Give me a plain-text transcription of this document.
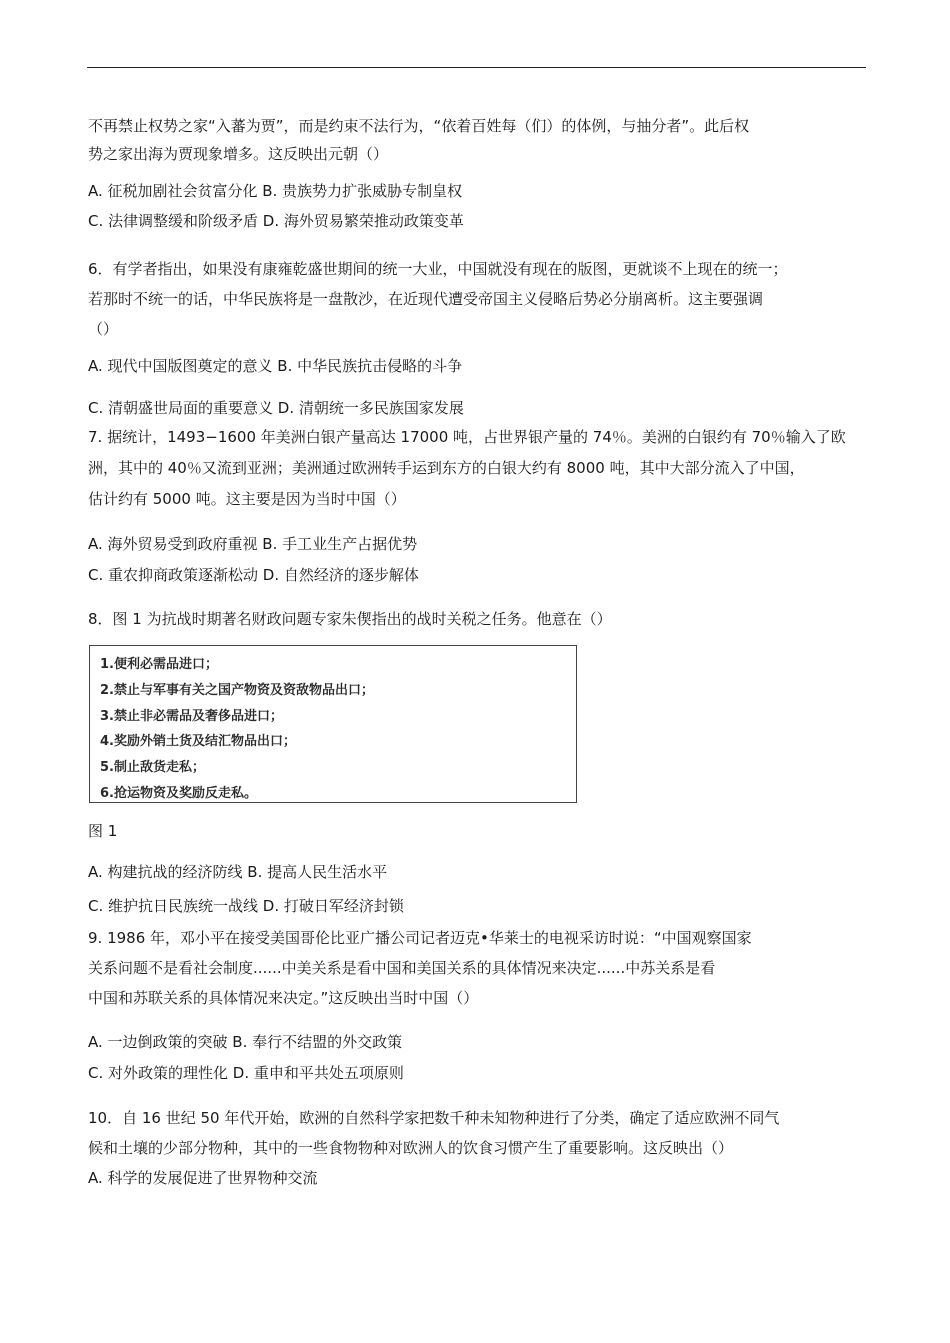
不再禁止权势之家“入蕃为贾”，而是约束不法行为，“依着百姓每（们）的体例，与抽分者”。此后权
势之家出海为贾现象增多。这反映出元朝（）
A. 征税加剧社会贫富分化 B. 贵族势力扩张威胁专制皇权
C. 法律调整缓和阶级矛盾 D. 海外贸易繁荣推动政策变革
6．有学者指出，如果没有康雍乾盛世期间的统一大业，中国就没有现在的版图，更就谈不上现在的统一；
若那时不统一的话，中华民族将是一盘散沙，在近现代遭受帝国主义侵略后势必分崩离析。这主要强调
（）
A. 现代中国版图奠定的意义 B. 中华民族抗击侵略的斗争
C. 清朝盛世局面的重要意义 D. 清朝统一多民族国家发展
7. 据统计，1493−1600 年美洲白银产量高达 17000 吨，占世界银产量的 74％。美洲的白银约有 70％输入了欧
洲，其中的 40％又流到亚洲；美洲通过欧洲转手运到东方的白银大约有 8000 吨，其中大部分流入了中国，
估计约有 5000 吨。这主要是因为当时中国（）
A. 海外贸易受到政府重视 B. 手工业生产占据优势
C. 重农抑商政策逐渐松动 D. 自然经济的逐步解体
8．图 1 为抗战时期著名财政问题专家朱偰指出的战时关税之任务。他意在（）
1.便利必需品进口；
2.禁止与军事有关之国产物资及资敌物品出口；
3.禁止非必需品及奢侈品进口；
4.奖励外销土货及结汇物品出口；
5.制止敌货走私；
6.抢运物资及奖励反走私。
图 1
A. 构建抗战的经济防线 B. 提高人民生活水平
C. 维护抗日民族统一战线 D. 打破日军经济封锁
9. 1986 年，邓小平在接受美国哥伦比亚广播公司记者迈克•华莱士的电视采访时说：“中国观察国家
关系问题不是看社会制度......中美关系是看中国和美国关系的具体情况来决定......中苏关系是看
中国和苏联关系的具体情况来决定。”这反映出当时中国（）
A. 一边倒政策的突破 B. 奉行不结盟的外交政策
C. 对外政策的理性化 D. 重申和平共处五项原则
10．自 16 世纪 50 年代开始，欧洲的自然科学家把数千种未知物种进行了分类，确定了适应欧洲不同气
候和土壤的少部分物种，其中的一些食物物种对欧洲人的饮食习惯产生了重要影响。这反映出（）
A. 科学的发展促进了世界物种交流
